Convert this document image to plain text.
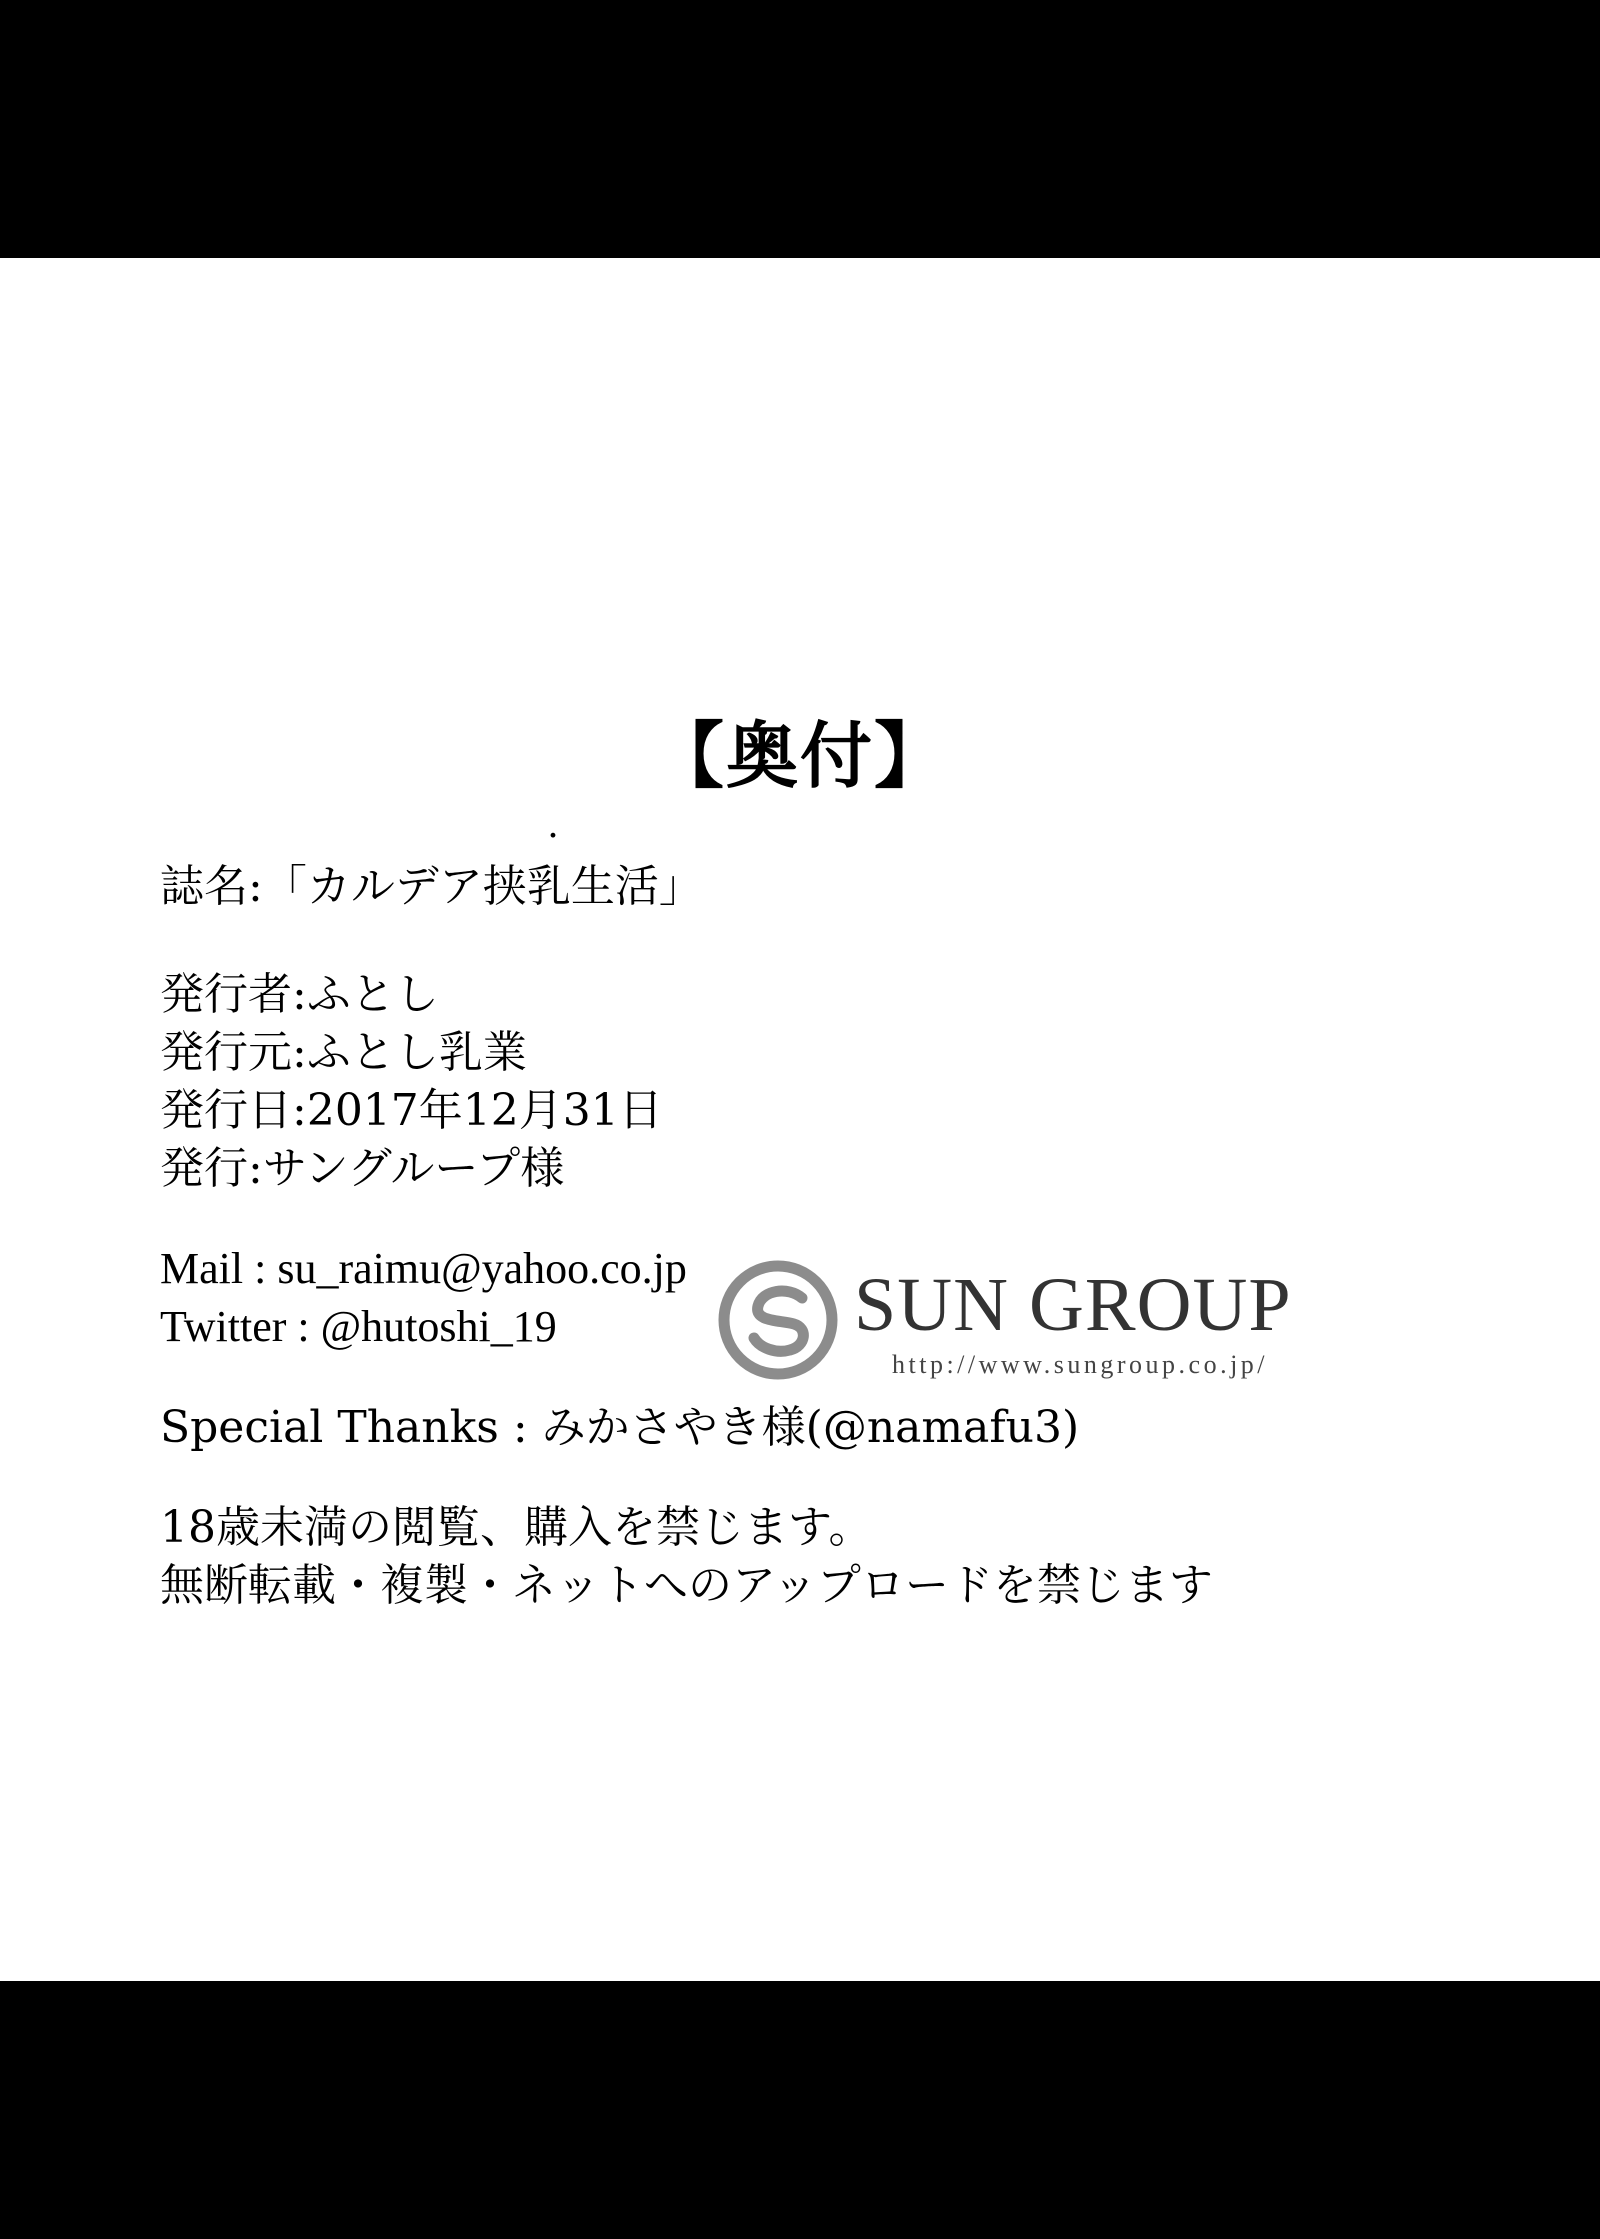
【奥付】
・
誌名:「カルデア挟乳生活」
発行者:ふとし
発行元:ふとし乳業
発行日:2017年12月31日
発行:サングループ様
Mail : su_raimu@yahoo.co.jp
Twitter : @hutoshi_19
Special Thanks : みかさやき様(@namafu3)
18歳未満の閲覧、購入を禁じます。
無断転載・複製・ネットへのアップロードを禁じます
SUN GROUP
http://www.sungroup.co.jp/
